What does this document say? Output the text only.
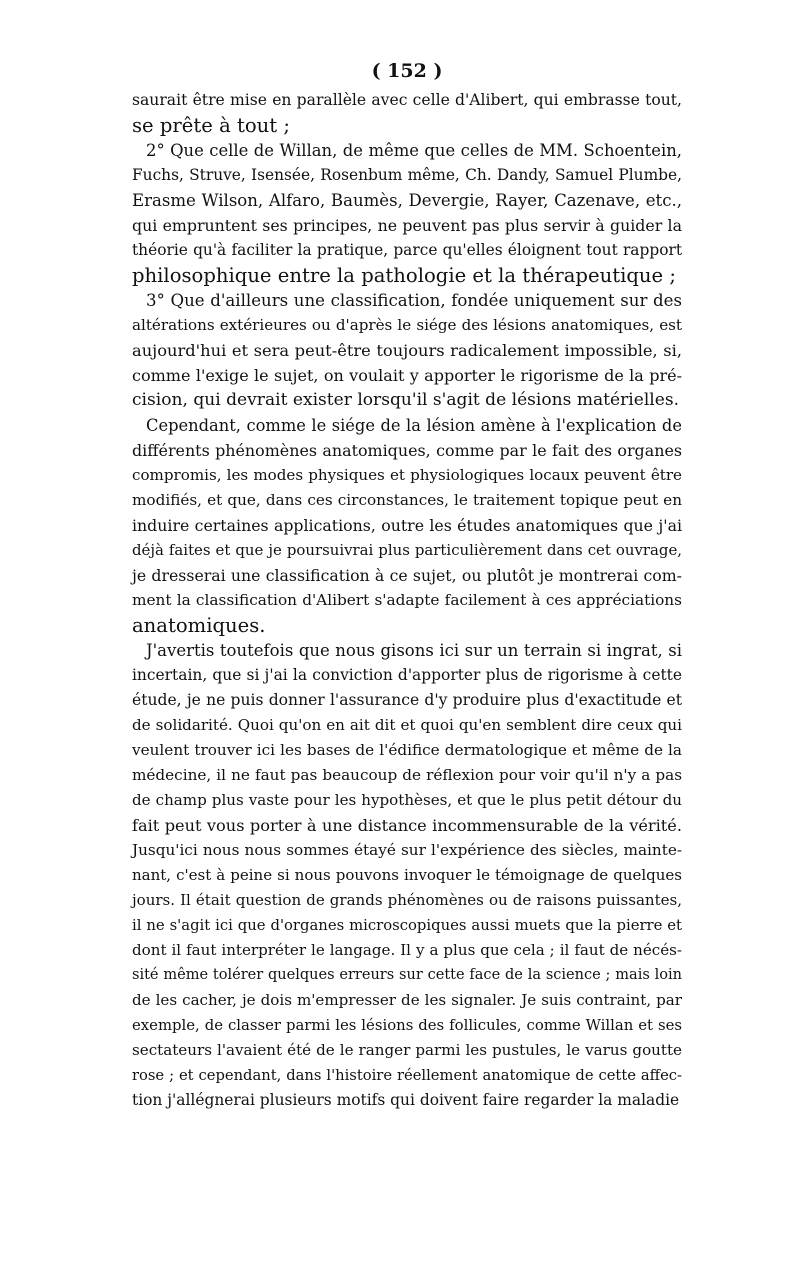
( 152 )
saurait être mise en parallèle avec celle d'Alibert, qui embrasse tout,
se prête à tout ;
2° Que celle de Willan, de même que celles de MM. Schoentein,
Fuchs, Struve, Isensée, Rosenbum même, Ch. Dandy, Samuel Plumbe,
Erasme Wilson, Alfaro, Baumès, Devergie, Rayer, Cazenave, etc.,
qui empruntent ses principes, ne peuvent pas plus servir à guider la
théorie qu'à faciliter la pratique, parce qu'elles éloignent tout rapport
philosophique entre la pathologie et la thérapeutique ;
3° Que d'ailleurs une classification, fondée uniquement sur des
altérations extérieures ou d'après le siége des lésions anatomiques, est
aujourd'hui et sera peut-être toujours radicalement impossible, si,
comme l'exige le sujet, on voulait y apporter le rigorisme de la pré-
cision, qui devrait exister lorsqu'il s'agit de lésions matérielles.
Cependant, comme le siége de la lésion amène à l'explication de
différents phénomènes anatomiques, comme par le fait des organes
compromis, les modes physiques et physiologiques locaux peuvent être
modifiés, et que, dans ces circonstances, le traitement topique peut en
induire certaines applications, outre les études anatomiques que j'ai
déjà faites et que je poursuivrai plus particulièrement dans cet ouvrage,
je dresserai une classification à ce sujet, ou plutôt je montrerai com-
ment la classification d'Alibert s'adapte facilement à ces appréciations
anatomiques.
J'avertis toutefois que nous gisons ici sur un terrain si ingrat, si
incertain, que si j'ai la conviction d'apporter plus de rigorisme à cette
étude, je ne puis donner l'assurance d'y produire plus d'exactitude et
de solidarité. Quoi qu'on en ait dit et quoi qu'en semblent dire ceux qui
veulent trouver ici les bases de l'édifice dermatologique et même de la
médecine, il ne faut pas beaucoup de réflexion pour voir qu'il n'y a pas
de champ plus vaste pour les hypothèses, et que le plus petit détour du
fait peut vous porter à une distance incommensurable de la vérité.
Jusqu'ici nous nous sommes étayé sur l'expérience des siècles, mainte-
nant, c'est à peine si nous pouvons invoquer le témoignage de quelques
jours. Il était question de grands phénomènes ou de raisons puissantes,
il ne s'agit ici que d'organes microscopiques aussi muets que la pierre et
dont il faut interpréter le langage. Il y a plus que cela ; il faut de nécés-
sité même tolérer quelques erreurs sur cette face de la science ; mais loin
de les cacher, je dois m'empresser de les signaler. Je suis contraint, par
exemple, de classer parmi les lésions des follicules, comme Willan et ses
sectateurs l'avaient été de le ranger parmi les pustules, le varus goutte
rose ; et cependant, dans l'histoire réellement anatomique de cette affec-
tion j'allégnerai plusieurs motifs qui doivent faire regarder la maladie
